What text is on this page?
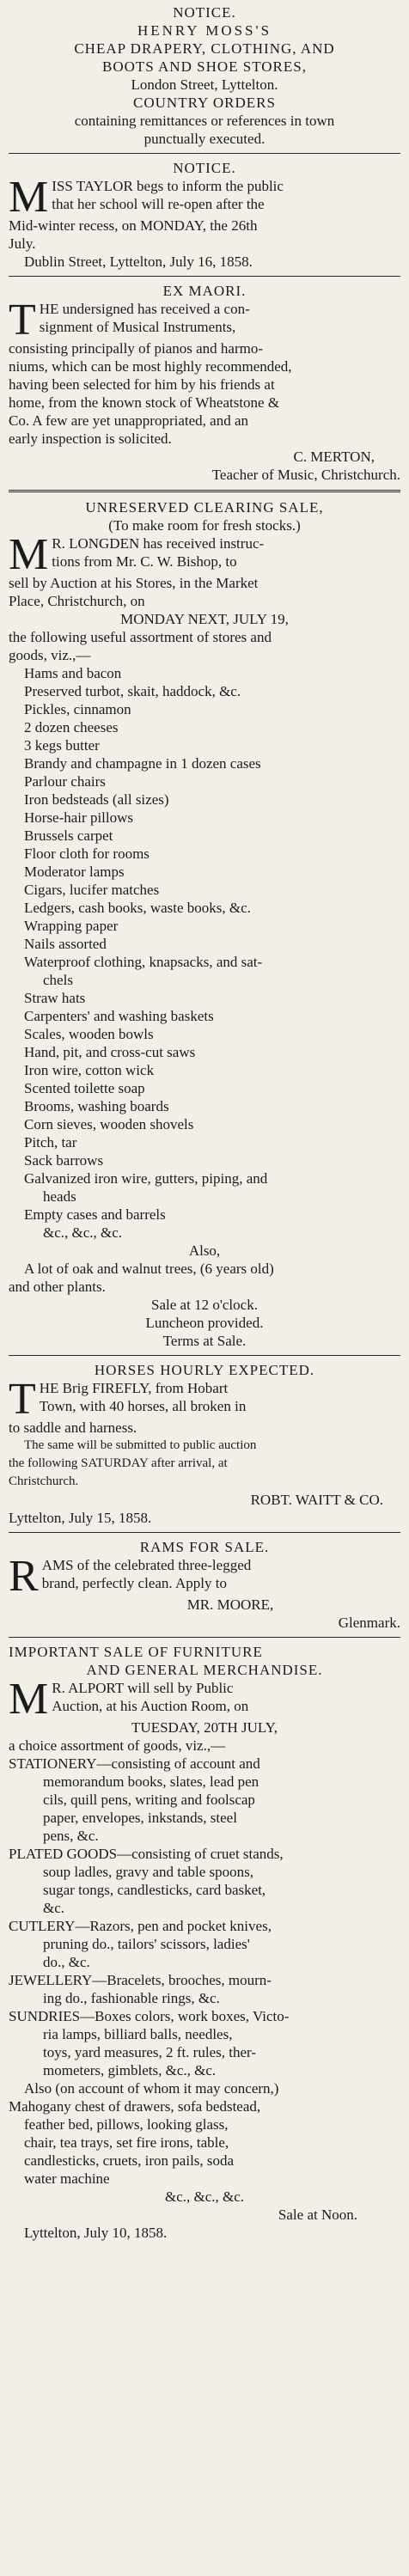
NOTICE.
HENRY MOSS'S
CHEAP DRAPERY, CLOTHING, AND
BOOTS AND SHOE STORES,
London Street, Lyttelton.
COUNTRY ORDERS
containing remittances or references in town
punctually executed.
NOTICE.
M ISS TAYLOR begs to inform the public
that her school will re-open after the
Mid-winter recess, on MONDAY, the 26th
July.
Dublin Street, Lyttelton, July 16, 1858.
EX MAORI.
T HE undersigned has received a con-
signment of Musical Instruments,
consisting principally of pianos and harmo-
niums, which can be most highly recommended,
having been selected for him by his friends at
home, from the known stock of Wheatstone &
Co. A few are yet unappropriated, and an
early inspection is solicited.
C. MERTON,
Teacher of Music, Christchurch.
UNRESERVED CLEARING SALE,
(To make room for fresh stocks.)
M R. LONGDEN has received instruc-
tions from Mr. C. W. Bishop, to
sell by Auction at his Stores, in the Market
Place, Christchurch, on
MONDAY NEXT, JULY 19,
the following useful assortment of stores and
goods, viz.,—
Hams and bacon
Preserved turbot, skait, haddock, &c.
Pickles, cinnamon
2 dozen cheeses
3 kegs butter
Brandy and champagne in 1 dozen cases
Parlour chairs
Iron bedsteads (all sizes)
Horse-hair pillows
Brussels carpet
Floor cloth for rooms
Moderator lamps
Cigars, lucifer matches
Ledgers, cash books, waste books, &c.
Wrapping paper
Nails assorted
Waterproof clothing, knapsacks, and sat-
chels
Straw hats
Carpenters' and washing baskets
Scales, wooden bowls
Hand, pit, and cross-cut saws
Iron wire, cotton wick
Scented toilette soap
Brooms, washing boards
Corn sieves, wooden shovels
Pitch, tar
Sack barrows
Galvanized iron wire, gutters, piping, and
heads
Empty cases and barrels
&c., &c., &c.
Also,
A lot of oak and walnut trees, (6 years old)
and other plants.
Sale at 12 o'clock.
Luncheon provided.
Terms at Sale.
HORSES HOURLY EXPECTED.
T HE Brig FIREFLY, from Hobart
Town, with 40 horses, all broken in
to saddle and harness.
The same will be submitted to public auction
the following SATURDAY after arrival, at
Christchurch.
ROBT. WAITT & CO.
Lyttelton, July 15, 1858.
RAMS FOR SALE.
R AMS of the celebrated three-legged
brand, perfectly clean. Apply to
MR. MOORE,
Glenmark.
IMPORTANT SALE OF FURNITURE
AND GENERAL MERCHANDISE.
M R. ALPORT will sell by Public
Auction, at his Auction Room, on
TUESDAY, 20TH JULY,
a choice assortment of goods, viz.,—
STATIONERY—consisting of account and
memorandum books, slates, lead pen
cils, quill pens, writing and foolscap
paper, envelopes, inkstands, steel
pens, &c.
PLATED GOODS—consisting of cruet stands,
soup ladles, gravy and table spoons,
sugar tongs, candlesticks, card basket,
&c.
CUTLERY—Razors, pen and pocket knives,
pruning do., tailors' scissors, ladies'
do., &c.
JEWELLERY—Bracelets, brooches, mourn-
ing do., fashionable rings, &c.
SUNDRIES—Boxes colors, work boxes, Victo-
ria lamps, billiard balls, needles,
toys, yard measures, 2 ft. rules, ther-
mometers, gimblets, &c., &c.
Also (on account of whom it may concern,)
Mahogany chest of drawers, sofa bedstead,
feather bed, pillows, looking glass,
chair, tea trays, set fire irons, table,
candlesticks, cruets, iron pails, soda
water machine
&c., &c., &c.
Sale at Noon.
Lyttelton, July 10, 1858.
